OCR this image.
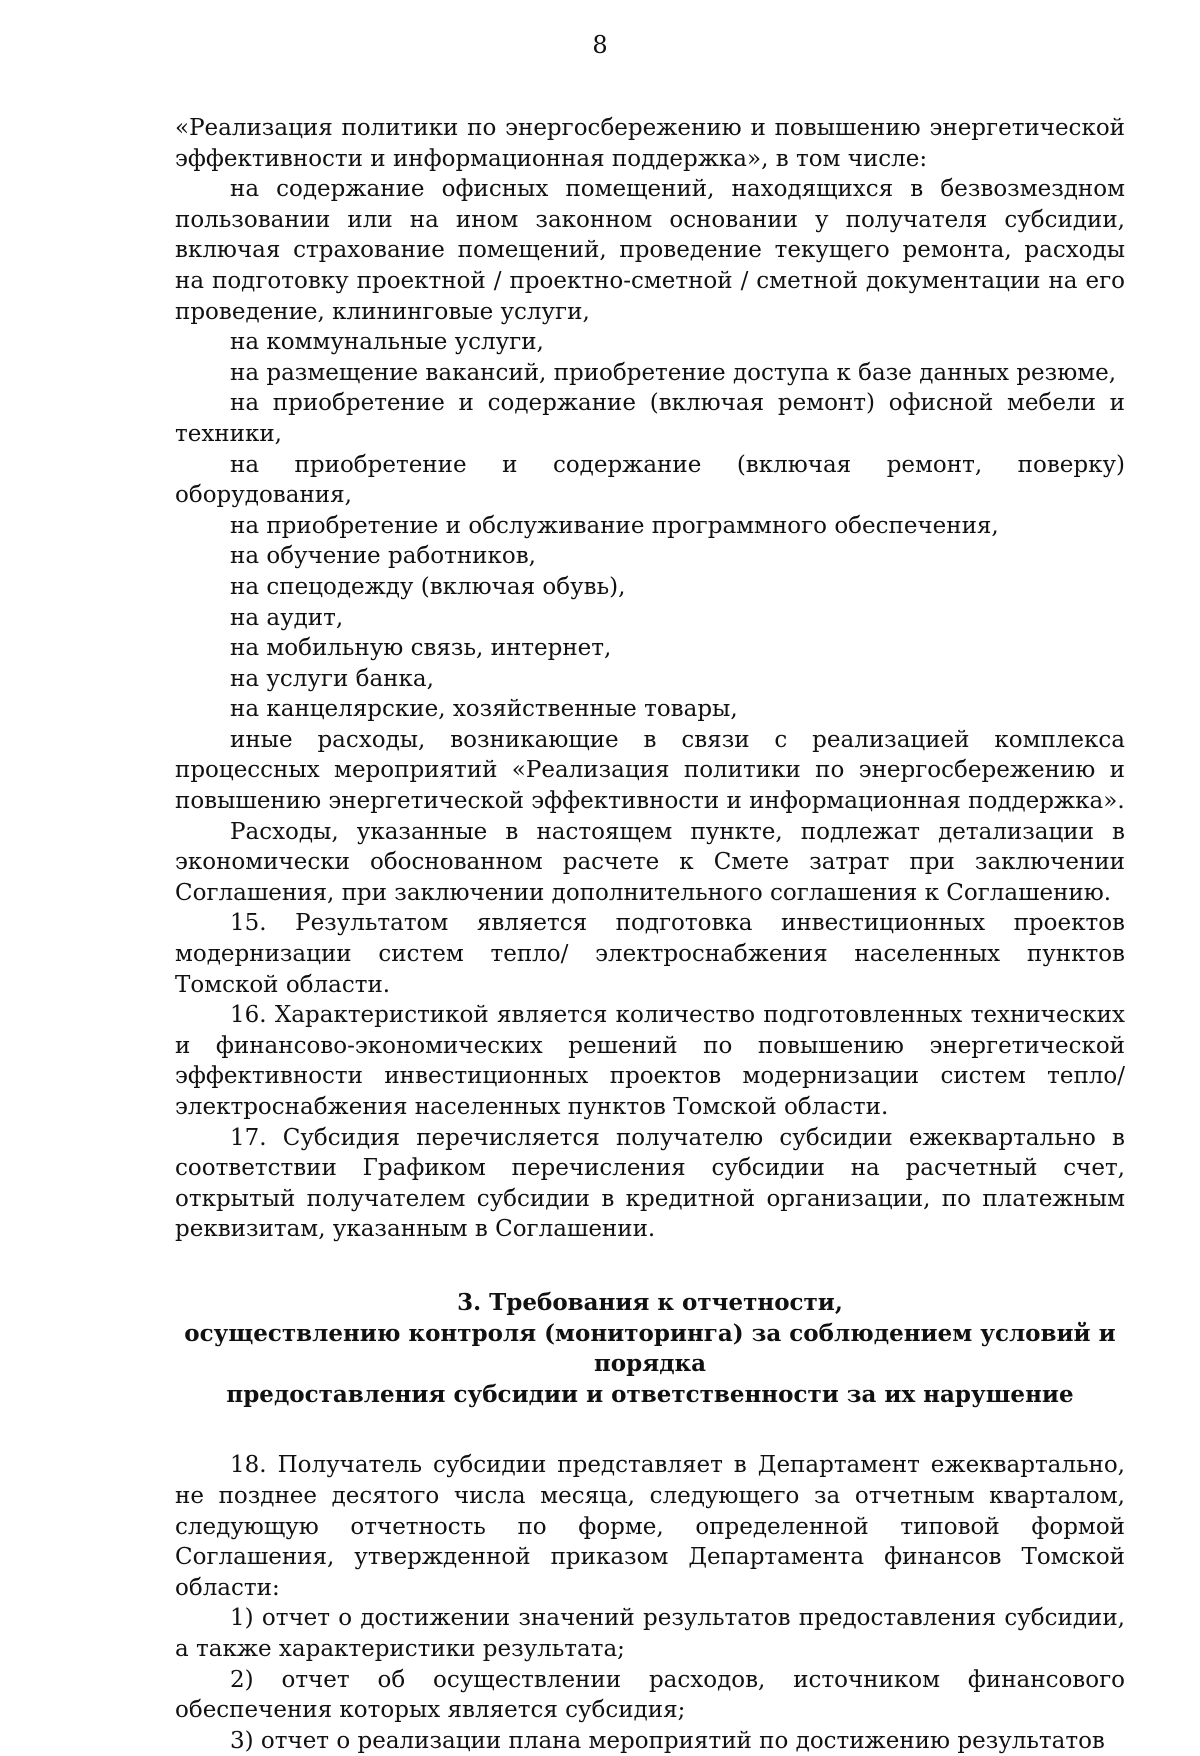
8

«Реализация политики по энергосбережению и повышению энергетической эффективности и информационная поддержка», в том числе:

на содержание офисных помещений, находящихся в безвозмездном пользовании или на ином законном основании у получателя субсидии, включая страхование помещений, проведение текущего ремонта, расходы на подготовку проектной / проектно-сметной / сметной документации на его проведение, клининговые услуги,

на коммунальные услуги,

на размещение вакансий, приобретение доступа к базе данных резюме,

на приобретение и содержание (включая ремонт) офисной мебели и техники,

на приобретение и содержание (включая ремонт, поверку) оборудования,

на приобретение и обслуживание программного обеспечения,

на обучение работников,

на спецодежду (включая обувь),

на аудит,

на мобильную связь, интернет,

на услуги банка,

на канцелярские, хозяйственные товары,

иные расходы, возникающие в связи с реализацией комплекса процессных мероприятий «Реализация политики по энергосбережению и повышению энергетической эффективности и информационная поддержка».

Расходы, указанные в настоящем пункте, подлежат детализации в экономически обоснованном расчете к Смете затрат при заключении Соглашения, при заключении дополнительного соглашения к Соглашению.

15. Результатом является подготовка инвестиционных проектов модернизации систем тепло/ электроснабжения населенных пунктов Томской области.

16. Характеристикой является количество подготовленных технических и финансово-экономических решений по повышению энергетической эффективности инвестиционных проектов модернизации систем тепло/ электроснабжения населенных пунктов Томской области.

17. Субсидия перечисляется получателю субсидии ежеквартально в соответствии Графиком перечисления субсидии на расчетный счет, открытый получателем субсидии в кредитной организации, по платежным реквизитам, указанным в Соглашении.

3. Требования к отчетности,
осуществлению контроля (мониторинга) за соблюдением условий и порядка
предоставления субсидии и ответственности за их нарушение

18. Получатель субсидии представляет в Департамент ежеквартально, не позднее десятого числа месяца, следующего за отчетным кварталом, следующую отчетность по форме, определенной типовой формой Соглашения, утвержденной приказом Департамента финансов Томской области:

1) отчет о достижении значений результатов предоставления субсидии, а также характеристики результата;

2) отчет об осуществлении расходов, источником финансового обеспечения которых является субсидия;

3) отчет о реализации плана мероприятий по достижению результатов
